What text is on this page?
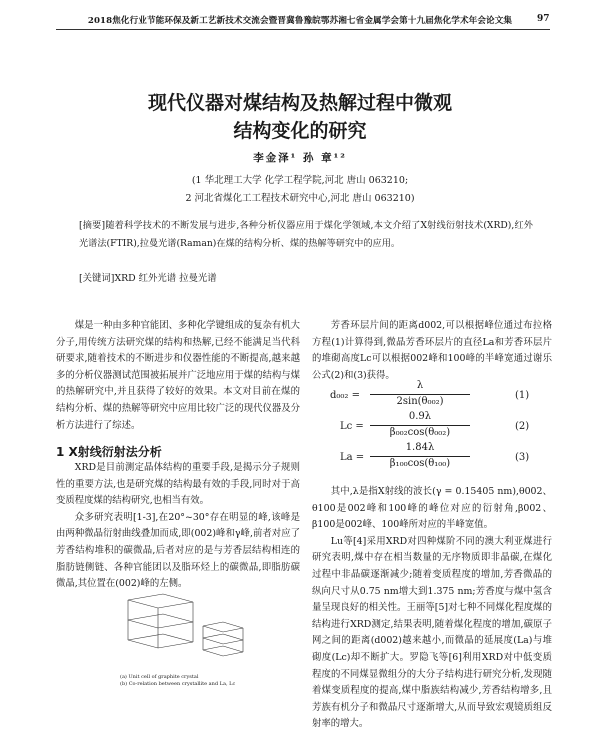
2018焦化行业节能环保及新工艺新技术交流会暨晋冀鲁豫皖鄂苏湘七省金属学会第十九届焦化学术年会论文集	97
现代仪器对煤结构及热解过程中微观
结构变化的研究
李金泽¹ 孙 章¹²
(1 华北理工大学 化学工程学院,河北 唐山 063210;
2 河北省煤化工工程技术研究中心,河北 唐山 063210)
[摘要]随着科学技术的不断发展与进步,各种分析仪器应用于煤化学领域,本文介绍了X射线衍射技术(XRD),红外光谱法(FTIR),拉曼光谱(Raman)在煤的结构分析、煤的热解等研究中的应用。
[关键词]XRD 红外光谱 拉曼光谱

煤是一种由多种官能团、多种化学键组成的复杂有机大分子,用传统方法研究煤的结构和热解,已经不能满足当代科研要求,随着技术的不断进步和仪器性能的不断提高,越来越多的分析仪器测试范围被拓展并广泛地应用于煤的结构与煤的热解研究中,并且获得了较好的效果。本文对目前在煤的结构分析、煤的热解等研究中应用比较广泛的现代仪器及分析方法进行了综述。

1 X射线衍射法分析

XRD是目前测定晶体结构的重要手段,是揭示分子规则性的重要方法,也是研究煤的结构最有效的手段,同时对于高变质程度煤的结构研究,也相当有效。

众多研究表明[1-3],在20°~30°存在明显的峰,该峰是由两种微晶衍射曲线叠加而成,即(002)峰和γ峰,前者对应了芳香结构堆积的碳微晶,后者对应的是与芳香层结构相连的脂肪链侧链、各种官能团以及脂环烃上的碳微晶,即脂肪碳微晶,其位置在(002)峰的左侧。

(a) Unit cell of graphite crystal
(b) Co-relation between crystallite and La, Lc

芳香环层片间的距离d002,可以根据峰位通过布拉格方程(1)计算得到,微晶芳香环层片的直径La和芳香环层片的堆砌高度Lc可以根据002峰和100峰的半峰宽通过谢乐公式(2)和(3)获得。

d₀₀₂ =
λ
2sin(θ₀₀₂)
(1)
Lc =
0.9λ
β₀₀₂cos(θ₀₀₂)
(2)
La =
1.84λ
β₁₀₀cos(θ₁₀₀)
(3)

其中,λ是指X射线的波长(γ = 0.15405 nm),θ002、θ100是002峰和100峰的峰位对应的衍射角,β002、β100是002峰、100峰所对应的半峰宽值。

Lu等[4]采用XRD对四种煤阶不同的澳大利亚煤进行研究表明,煤中存在相当数量的无序物质即非晶碳,在煤化过程中非晶碳逐渐减少;随着变质程度的增加,芳香微晶的纵向尺寸从0.75 nm增大到1.375 nm;芳香度与煤中氢含量呈现良好的相关性。王丽等[5]对七种不同煤化程度煤的结构进行XRD测定,结果表明,随着煤化程度的增加,碳原子网之间的距离(d002)越来越小,而微晶的延展度(La)与堆砌度(Lc)却不断扩大。罗隐飞等[6]利用XRD对中低变质程度的不同煤显微组分的大分子结构进行研究分析,发现随着煤变质程度的提高,煤中脂族结构减少,芳香结构增多,且芳族有机分子和微晶尺寸逐渐增大,从而导致宏观镜质组反射率的增大。
